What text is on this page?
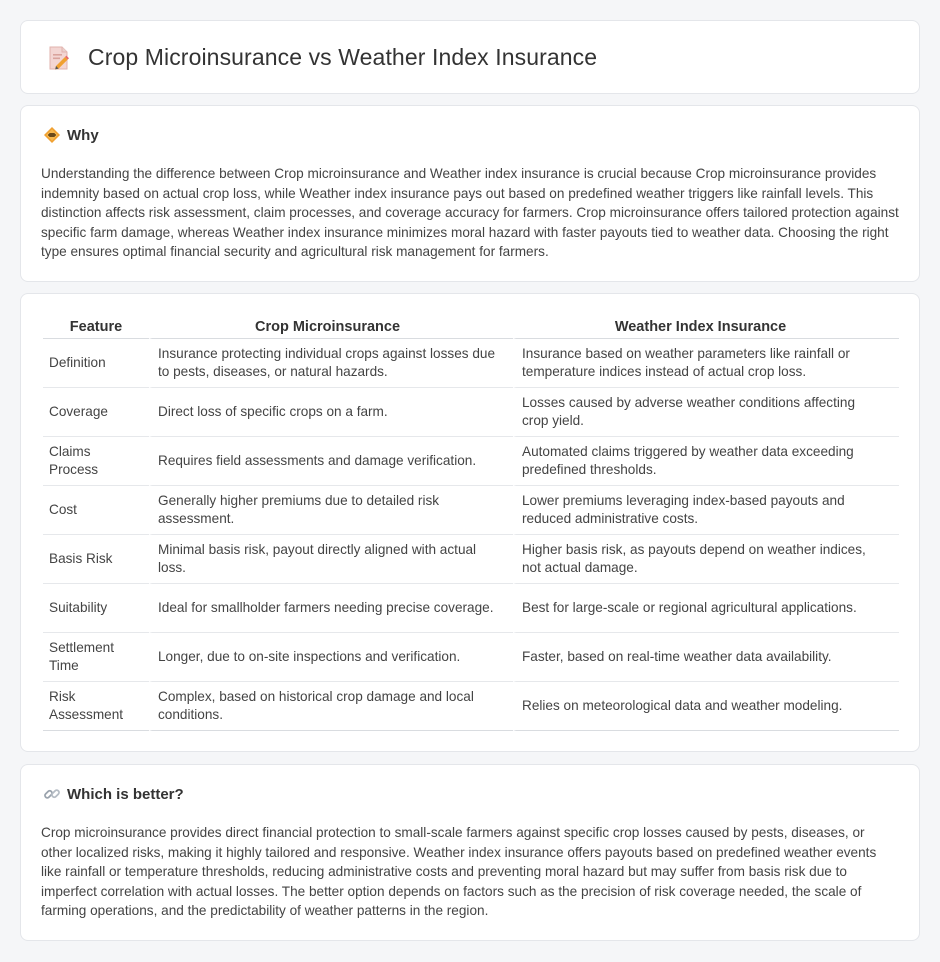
Crop Microinsurance vs Weather Index Insurance
Why

Understanding the difference between Crop microinsurance and Weather index insurance is crucial because Crop microinsurance provides indemnity based on actual crop loss, while Weather index insurance pays out based on predefined weather triggers like rainfall levels. This distinction affects risk assessment, claim processes, and coverage accuracy for farmers. Crop microinsurance offers tailored protection against specific farm damage, whereas Weather index insurance minimizes moral hazard with faster payouts tied to weather data. Choosing the right type ensures optimal financial security and agricultural risk management for farmers.

Feature	Crop Microinsurance	Weather Index Insurance
Definition	Insurance protecting individual crops against losses due to pests, diseases, or natural hazards.	Insurance based on weather parameters like rainfall or temperature indices instead of actual crop loss.
Coverage	Direct loss of specific crops on a farm.	Losses caused by adverse weather conditions affecting crop yield.
Claims Process	Requires field assessments and damage verification.	Automated claims triggered by weather data exceeding predefined thresholds.
Cost	Generally higher premiums due to detailed risk assessment.	Lower premiums leveraging index-based payouts and reduced administrative costs.
Basis Risk	Minimal basis risk, payout directly aligned with actual loss.	Higher basis risk, as payouts depend on weather indices, not actual damage.
Suitability	Ideal for smallholder farmers needing precise coverage.	Best for large-scale or regional agricultural applications.
Settlement Time	Longer, due to on-site inspections and verification.	Faster, based on real-time weather data availability.
Risk Assessment	Complex, based on historical crop damage and local conditions.	Relies on meteorological data and weather modeling.
Which is better?

Crop microinsurance provides direct financial protection to small-scale farmers against specific crop losses caused by pests, diseases, or other localized risks, making it highly tailored and responsive. Weather index insurance offers payouts based on predefined weather events like rainfall or temperature thresholds, reducing administrative costs and preventing moral hazard but may suffer from basis risk due to imperfect correlation with actual losses. The better option depends on factors such as the precision of risk coverage needed, the scale of farming operations, and the predictability of weather patterns in the region.
